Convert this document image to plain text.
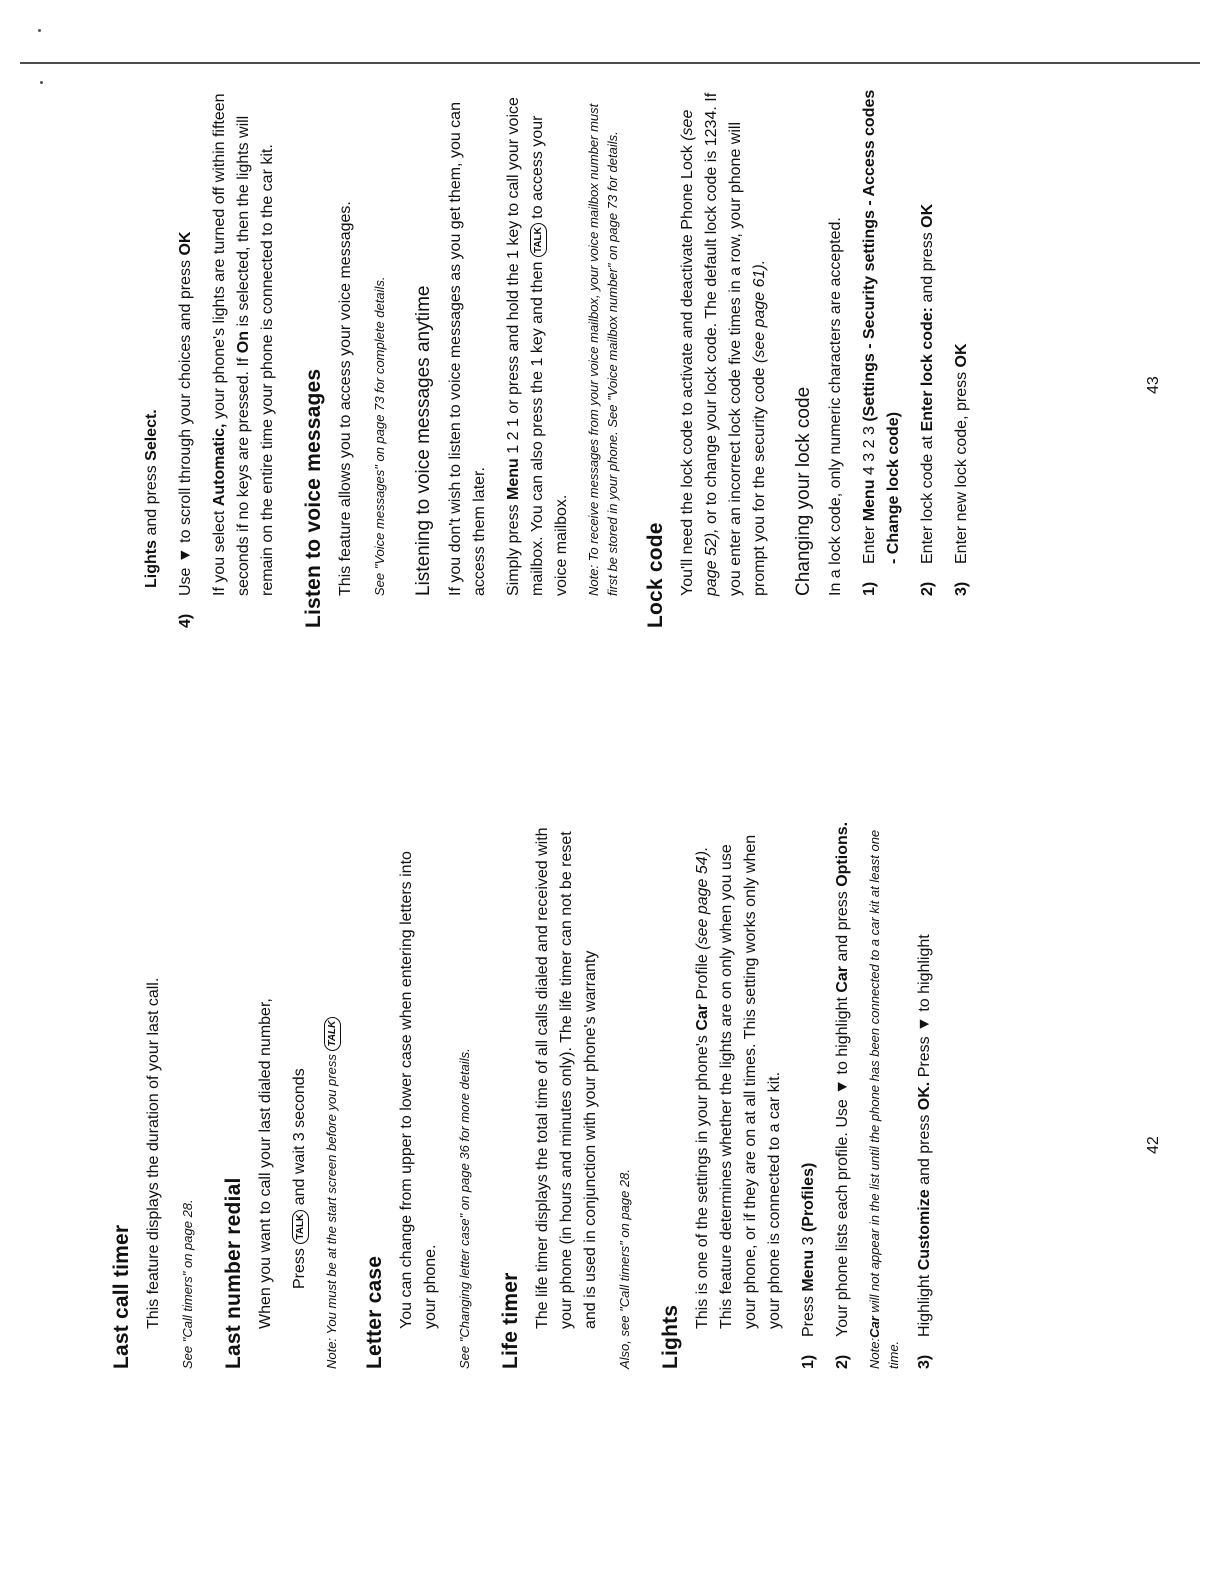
Last call timer This feature displays the duration of your last call.	See "Call timers" on page 28. Last number redial When you want to call your last dialed number, Press TALK and wait 3 seconds	Note: You must be at the start screen before you press TALK

Letter case You can change from upper to lower case when entering letters into your phone.	See "Changing letter case" on page 36 for more details. Life timer The life timer displays the total time of all calls dialed and received with your phone (in hours and minutes only). The life timer can not be reset and is used in conjunction with your phone's warranty	Also, see "Call timers" on page 28. Lights

This is one of the settings in your phone's Car Profile (see page 54). This feature determines whether the lights are on only when you use your phone, or if they are on at all times. This setting works only when your phone is connected to a car kit.

1)
Press Menu 3 (Profiles)
2)
Your phone lists each profile. Use ▼ to highlight Car and press Options.

Note:Car will not appear in the list until the phone has been connected to a car kit at least one time. 3)
Highlight Customize and press OK. Press ▼ to highlight
42

Lights and press Select.

4)
Use ▼ to scroll through your choices and press OK

If you select Automatic, your phone's lights are turned off within fifteen seconds if no keys are pressed. If On is selected, then the lights will remain on the entire time your phone is connected to the car kit. Listen to voice messages This feature allows you to access your voice messages.	See "Voice messages" on page 73 for complete details. Listening to voice messages anytime If you don't wish to listen to voice messages as you get them, you can access them later. Simply press Menu 1 2 1 or press and hold the 1 key to call your voice mailbox. You can also press the 1 key and then TALK to access your voice mailbox.	Note: To receive messages from your voice mailbox, your voice mailbox number must first be stored in your phone. See "Voice mailbox number" on page 73 for details. Lock code You'll need the lock code to activate and deactivate Phone Lock (see page 52), or to change your lock code. The default lock code is 1234. If you enter an incorrect lock code five times in a row, your phone will prompt you for the security code (see page 61).

Changing your lock code In a lock code, only numeric characters are accepted. 1)
Enter Menu 4 3 2 3 (Settings - Security settings - Access codes - Change lock code)
2)
Enter lock code at Enter lock code: and press OK
3)
Enter new lock code, press OK
43
